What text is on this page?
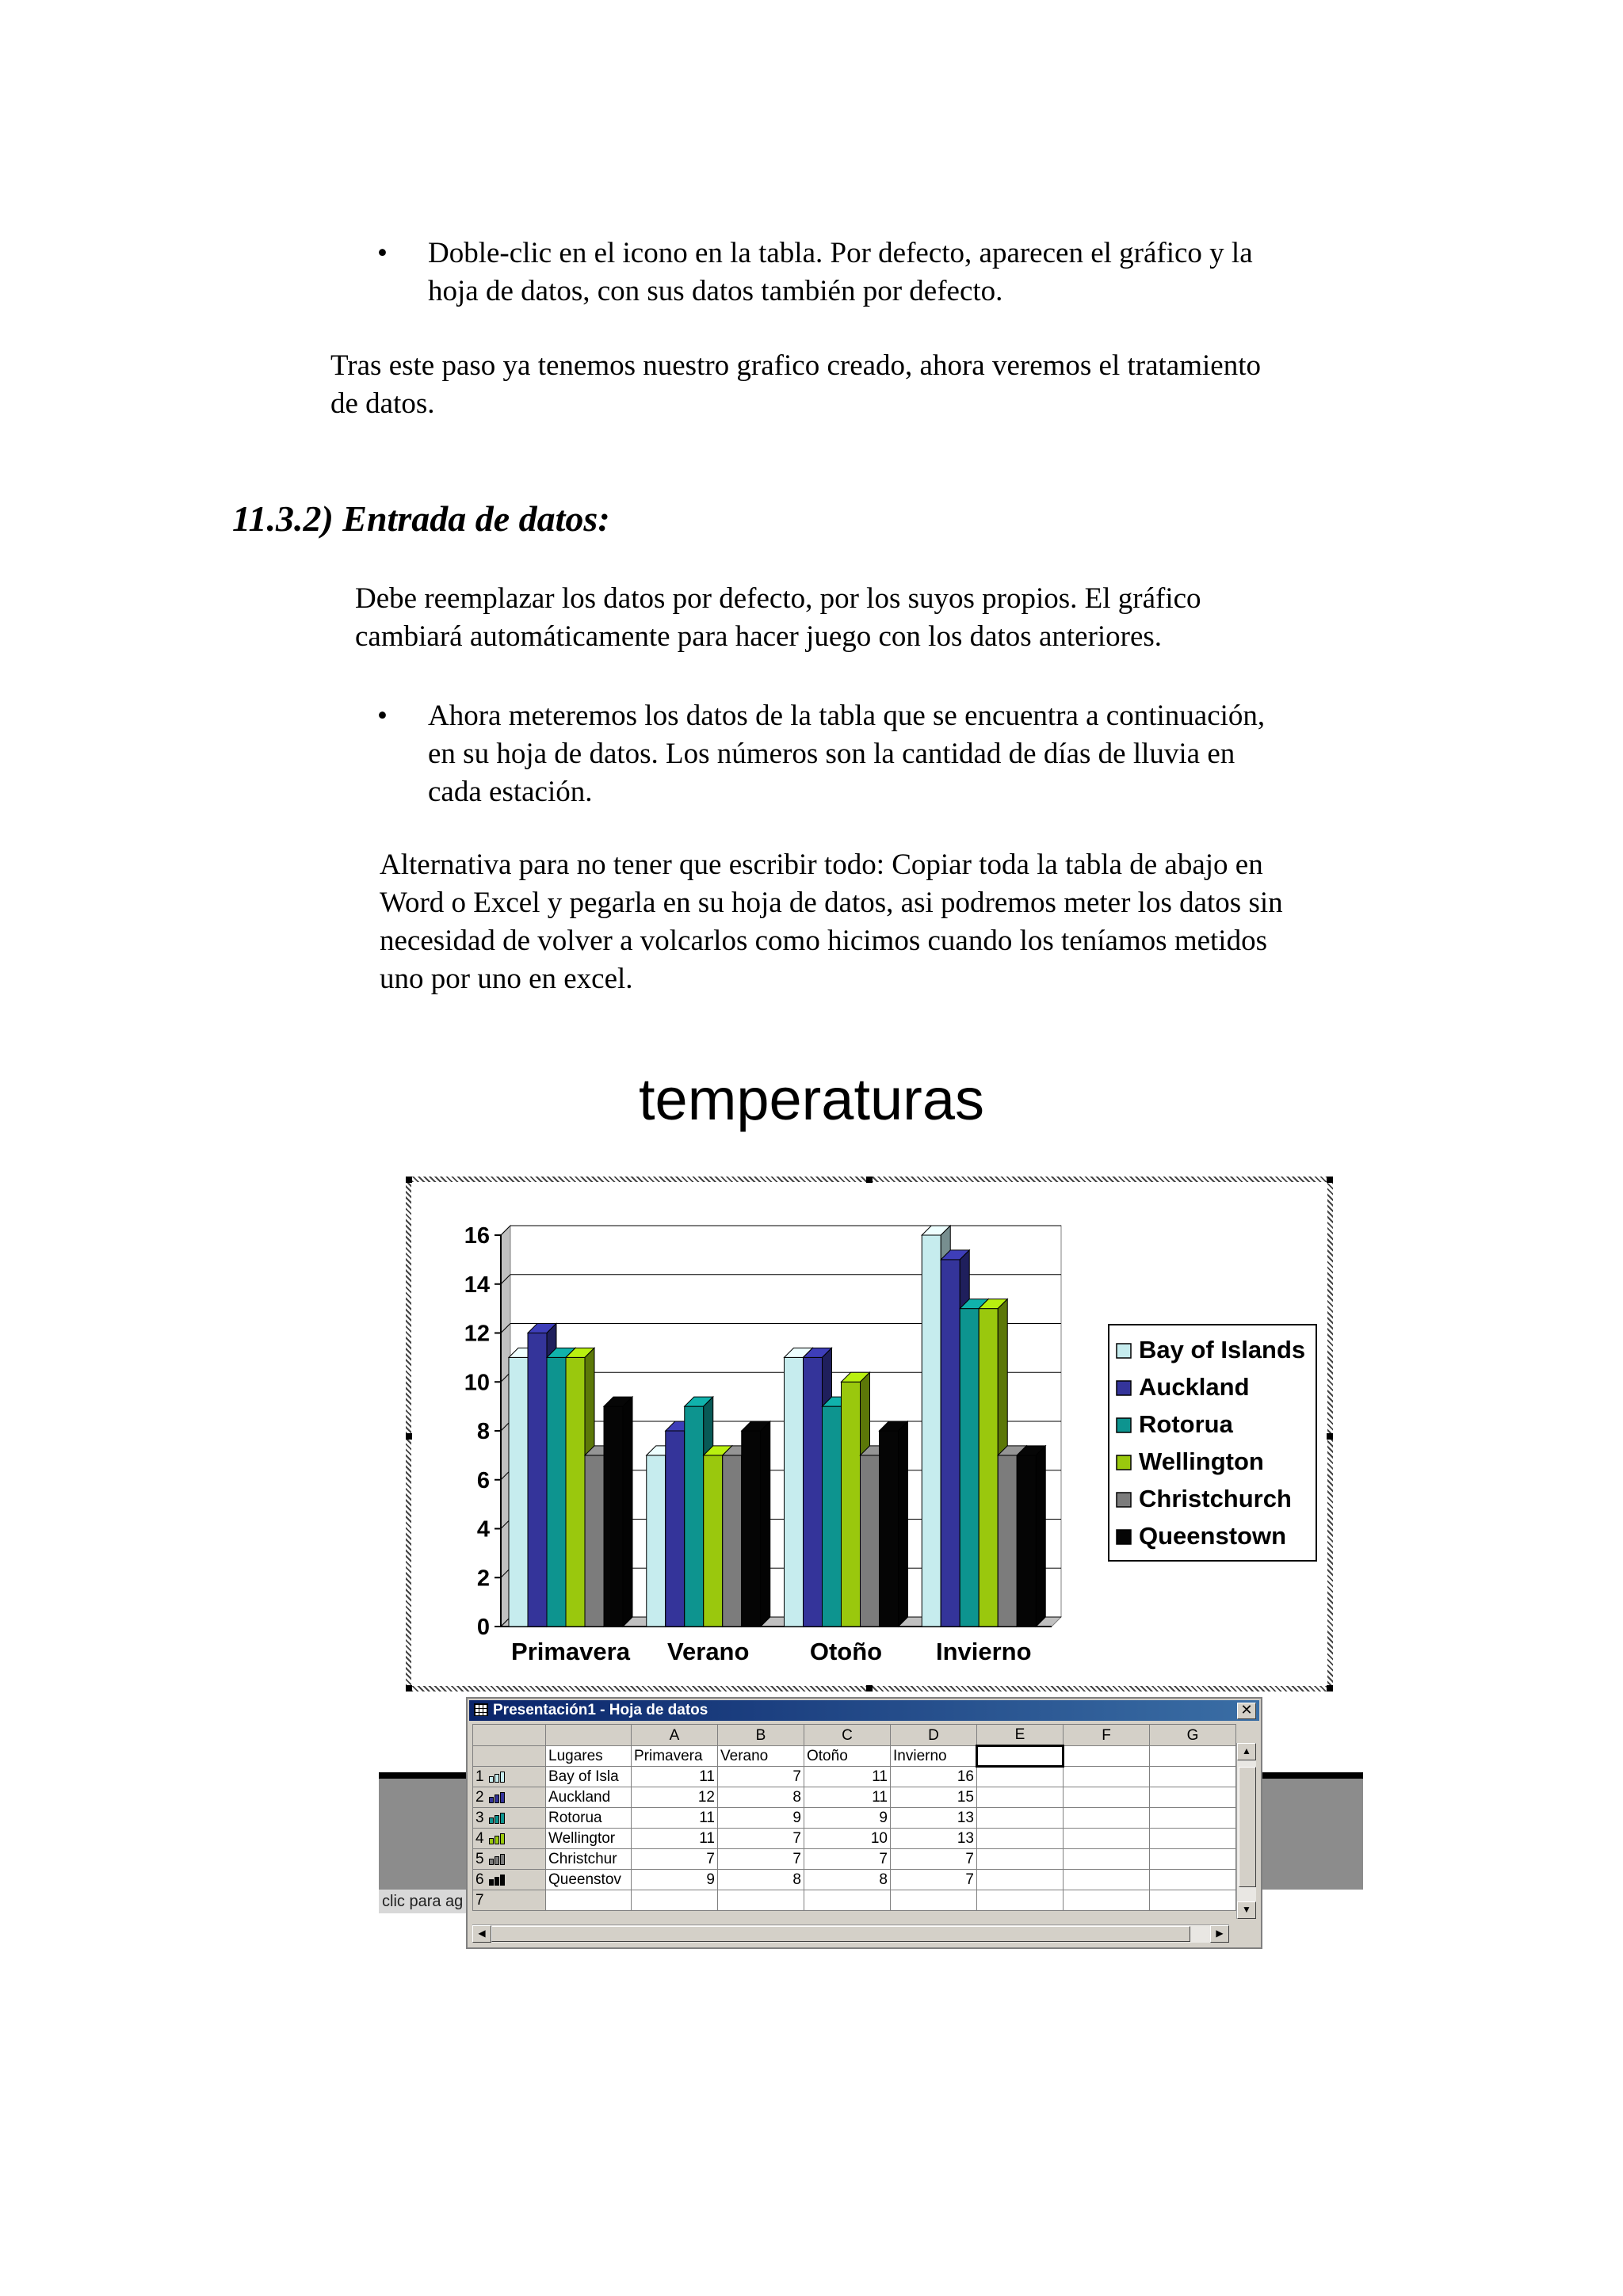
• Doble-clic en el icono en la tabla. Por defecto, aparecen el gráfico y la
hoja de datos, con sus datos también por defecto.
Tras este paso ya tenemos nuestro grafico creado, ahora veremos el tratamiento
de datos.
11.3.2) Entrada de datos:
Debe reemplazar los datos por defecto, por los suyos propios. El gráfico
cambiará automáticamente para hacer juego con los datos anteriores.
• Ahora meteremos los datos de la tabla que se encuentra a continuación,
en su hoja de datos. Los números son la cantidad de días de lluvia en
cada estación.
Alternativa para no tener que escribir todo: Copiar toda la tabla de abajo en
Word o Excel y pegarla en su hoja de datos, asi podremos meter los datos sin
necesidad de volver a volcarlos como hicimos cuando los teníamos metidos
uno por uno en excel.
temperaturas
0
2
4
6
8
10
12
14
16
Primavera Verano Otoño Invierno
Bay of Islands
Auckland
Rotorua
Wellington
Christchurch
Queenstown
clic para ag
Presentación1 - Hoja de datos	✕
		A	B	C	D	E	F	G
	Lugares	Primavera	Verano	Otoño	Invierno			
1	Bay of Isla	11	7	11	16			
2	Auckland	12	8	11	15			
3	Rotorua	11	9	9	13			
4	Wellingtor	11	7	10	13			
5	Christchur	7	7	7	7			
6	Queenstov	9	8	8	7			
7								
▲
▼
◀	▶
